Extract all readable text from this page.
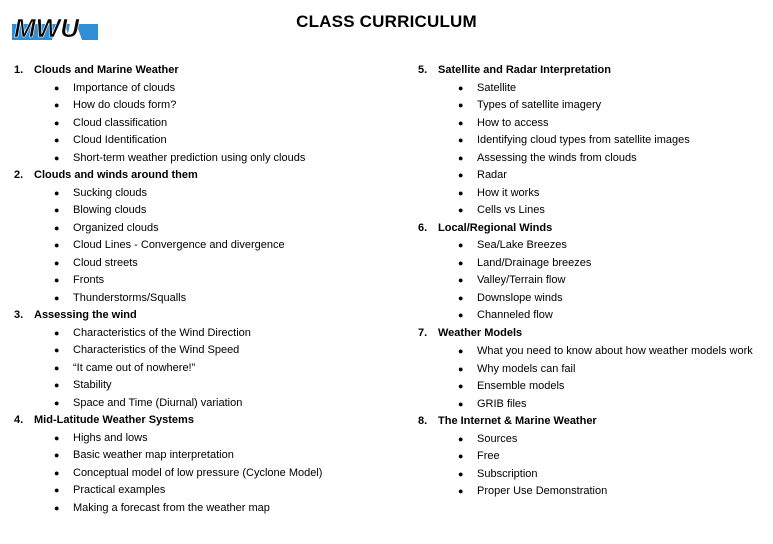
MWU	CLASS CURRICULUM
1. Clouds and Marine Weather
●	Importance of clouds
●	How do clouds form?
●	Cloud classification
●	Cloud Identification
●	Short-term weather prediction using only clouds
2. Clouds and winds around them
●	Sucking clouds
●	Blowing clouds
●	Organized clouds
●	Cloud Lines - Convergence and divergence
●	Cloud streets
●	Fronts
●	Thunderstorms/Squalls
3. Assessing the wind
●	Characteristics of the Wind Direction
●	Characteristics of the Wind Speed
●	“It came out of nowhere!”
●	Stability
●	Space and Time (Diurnal) variation
4. Mid-Latitude Weather Systems
●	Highs and lows
●	Basic weather map interpretation
●	Conceptual model of low pressure (Cyclone Model)
●	Practical examples
●	Making a forecast from the weather map
5. Satellite and Radar Interpretation
●	Satellite
●	Types of satellite imagery
●	How to access
●	Identifying cloud types from satellite images
●	Assessing the winds from clouds
●	Radar
●	How it works
●	Cells vs Lines
6. Local/Regional Winds
●	Sea/Lake Breezes
●	Land/Drainage breezes
●	Valley/Terrain flow
●	Downslope winds
●	Channeled flow
7. Weather Models
●	What you need to know about how weather models work
●	Why models can fail
●	Ensemble models
●	GRIB files
8. The Internet & Marine Weather
●	Sources
●	Free
●	Subscription
●	Proper Use Demonstration
